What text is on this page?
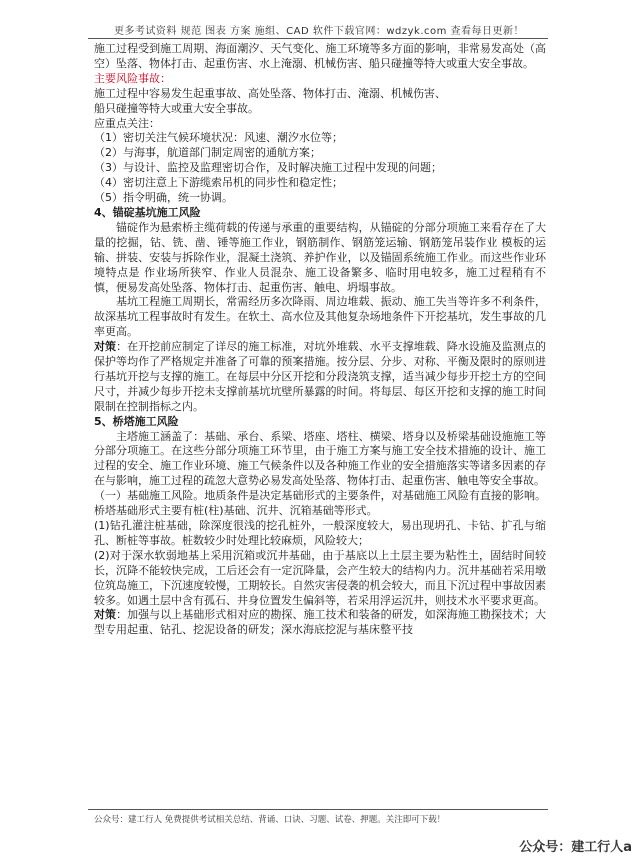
更多考试资料 规范 图表 方案 施组、CAD 软件下载官网：wdzyk.com 查看每日更新！

施工过程受到施工周期、海面潮汐、天气变化、施工环境等多方面的影响，非常易发高处（高空）坠落、物体打击、起重伤害、水上淹溺、机械伤害、船只碰撞等特大或重大安全事故。

主要风险事故：

施工过程中容易发生起重事故、高处坠落、物体打击、淹溺、机械伤害、

船只碰撞等特大或重大安全事故。

应重点关注：

（1）密切关注气候环境状况：风速、潮汐水位等；

（2）与海事，航道部门制定周密的通航方案；

（3）与设计、监控及监理密切合作，及时解决施工过程中发现的问题；

（4）密切注意上下游缆索吊机的同步性和稳定性；

（5）指令明确，统一协调。

4、锚碇基坑施工风险

锚碇作为悬索桥主缆荷载的传递与承重的重要结构，从锚碇的分部分项施工来看存在了大量的挖掘，钻、铣、凿、锤等施工作业，钢筋制作、钢筋笼运输、钢筋笼吊装作业 模板的运输、拼装、安装与拆除作业，混凝土浇筑、养护作业，以及锚固系统施工作业。而这些作业环境特点是 作业场所狭窄、作业人员混杂、施工设备繁多、临时用电较多，施工过程稍有不慎，便易发高处坠落、物体打击、起重伤害、触电、坍塌事故。

基坑工程施工周期长，常需经历多次降雨、周边堆载、振动、施工失当等许多不利条件，故深基坑工程事故时有发生。在软土、高水位及其他复杂场地条件下开挖基坑，发生事故的几率更高。

对策：在开挖前应制定了详尽的施工标准，对坑外堆载、水平支撑堆载、降水设施及监测点的保护等均作了严格规定并准备了可靠的预案措施。按分层、分步、对称、平衡及限时的原则进行基坑开挖与支撑的施工。在每层中分区开挖和分段浇筑支撑，适当减少每步开挖土方的空间尺寸，并减少每步开挖未支撑前基坑坑壁所暴露的时间。将每层、每区开挖和支撑的施工时间限制在控制指标之内。

5、桥塔施工风险

主塔施工涵盖了：基础、承台、系梁、塔座、塔柱、横梁、塔身以及桥梁基础设施施工等分部分项施工。在这些分部分项施工环节里，由于施工方案与施工安全技术措施的设计、施工过程的安全、施工作业环境、施工气候条件以及各种施工作业的安全措施落实等诸多因素的存在与影响，施工过程的疏忽大意势必易发高处坠落、物体打击、起重伤害、触电等安全事故。

（一）基础施工风险。地质条件是决定基础形式的主要条件，对基础施工风险有直接的影响。桥塔基础形式主要有桩(柱)基础、沉井、沉箱基础等形式。

(1)钻孔灌注桩基础，除深度很浅的挖孔桩外，一般深度较大，易出现坍孔、卡钻、扩孔与缩孔、断桩等事故。桩数较少时处理比较麻烦，风险较大；

(2)对于深水软弱地基上采用沉箱或沉井基础，由于基底以上土层主要为粘性土，固结时间较长，沉降不能较快完成，工后还会有一定沉降量，会产生较大的结构内力。沉井基础若采用墩位筑岛施工，下沉速度较慢，工期较长。自然灾害侵袭的机会较大，而且下沉过程中事故因素较多。如遇土层中含有孤石、井身位置发生偏斜等，若采用浮运沉井，则技术水平要求更高。

对策：加强与以上基础形式相对应的勘探、施工技术和装备的研发，如深海施工勘探技术；大型专用起重、钻孔、挖泥设备的研发；深水海底挖泥与基床整平技

公众号：建工行人 免费提供考试相关总结、背诵、口诀、习题、试卷、押题。关注即可下载！
公众号：建工行人a
